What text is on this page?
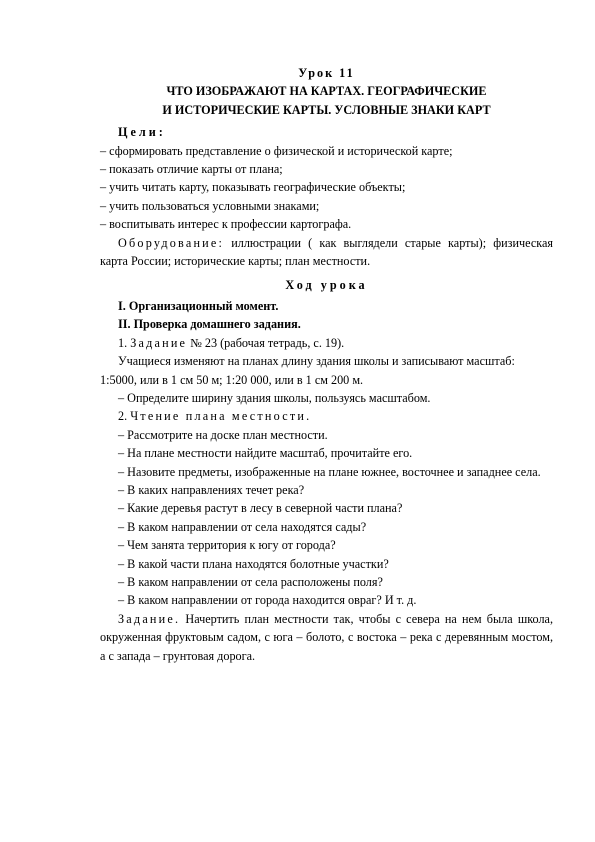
Урок 11

ЧТО ИЗОБРАЖАЮТ НА КАРТАХ. ГЕОГРАФИЧЕСКИЕ

И ИСТОРИЧЕСКИЕ КАРТЫ. УСЛОВНЫЕ ЗНАКИ КАРТ

Цели:

– сформировать представление о физической и исторической карте;

– показать отличие карты от плана;

– учить читать карту, показывать географические объекты;

– учить пользоваться условными знаками;

– воспитывать интерес к профессии картографа.

Оборудование: иллюстрации ( как выглядели старые карты); физическая карта России; исторические карты; план местности.

Ход урока

I. Организационный момент.

II. Проверка домашнего задания.

1. Задание № 23 (рабочая тетрадь, с. 19).

Учащиеся изменяют на планах длину здания школы и записывают масштаб: 1:5000, или в 1 см 50 м; 1:20 000, или в 1 см 200 м.

– Определите ширину здания школы, пользуясь масштабом.

2. Чтение плана местности.

– Рассмотрите на доске план местности.

– На плане местности найдите масштаб, прочитайте его.

– Назовите предметы, изображенные на плане южнее, восточнее и западнее села.

– В каких направлениях течет река?

– Какие деревья растут в лесу в северной части плана?

– В каком направлении от села находятся сады?

– Чем занята территория к югу от города?

– В какой части плана находятся болотные участки?

– В каком направлении от села расположены поля?

– В каком направлении от города находится овраг? И т. д.

Задание. Начертить план местности так, чтобы с севера на нем была школа, окруженная фруктовым садом, с юга – болото, с востока – река с деревянным мостом, а с запада – грунтовая дорога.
